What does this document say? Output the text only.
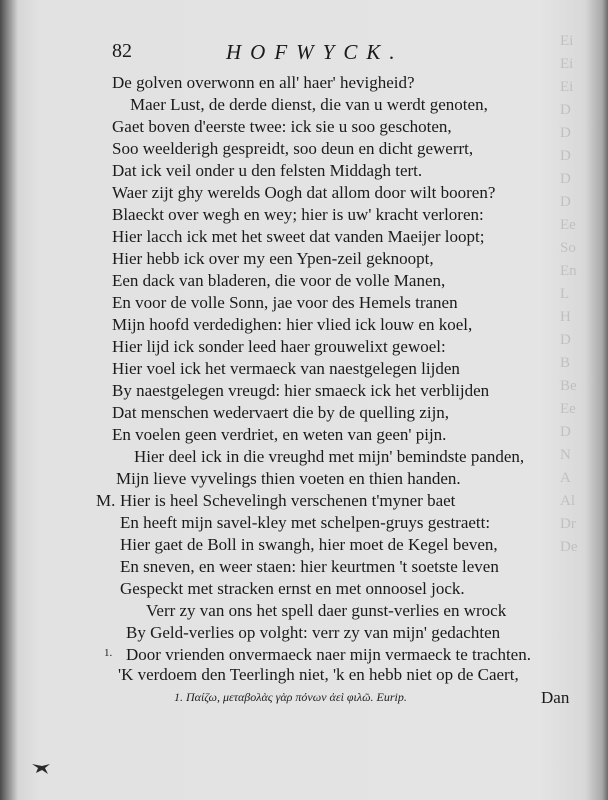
Ei
Ei
Ei
D
D
D
D
D
Ee
So
En
L
H
D
B
Be
Ee
D
N
A
Al
Dr
De
82	HOFWYCK.
De golven overwonn en all' haer' hevigheid?
Maer Lust, de derde dienst, die van u werdt genoten,
Gaet boven d'eerste twee: ick sie u soo geschoten,
Soo weelderigh gespreidt, soo deun en dicht gewerrt,
Dat ick veil onder u den felsten Middagh tert.
Waer zijt ghy werelds Oogh dat allom door wilt booren?
Blaeckt over wegh en wey; hier is uw' kracht verloren:
Hier lacch ick met het sweet dat vanden Maeijer loopt;
Hier hebb ick over my een Ypen-zeil geknoopt,
Een dack van bladeren, die voor de volle Manen,
En voor de volle Sonn, jae voor des Hemels tranen
Mijn hoofd verdedighen: hier vlied ick louw en koel,
Hier lijd ick sonder leed haer grouwelixt gewoel:
Hier voel ick het vermaeck van naestgelegen lijden
By naestgelegen vreugd: hier smaeck ick het verblijden
Dat menschen wedervaert die by de quelling zijn,
En voelen geen verdriet, en weten van geen' pijn.
Hier deel ick in die vreughd met mijn' bemindste panden,
Mijn lieve vyvelings thien voeten en thien handen.
M. Hier is heel Schevelingh verschenen t'myner baet
En heeft mijn savel-kley met schelpen-gruys gestraett:
Hier gaet de Boll in swangh, hier moet de Kegel beven,
En sneven, en weer staen: hier keurtmen 't soetste leven
Gespeckt met stracken ernst en met onnoosel jock.
Verr zy van ons het spell daer gunst-verlies en wrock
By Geld-verlies op volght: verr zy van mijn' gedachten
Door vrienden onvermaeck naer mijn vermaeck te trachten.
1.
'K verdoem den Teerlingh niet, 'k en hebb niet op de Caert,
1. Παίζω, μεταβολὰς γὰρ πόνων ἀεὶ φιλῶ. Eurip.	Dan
